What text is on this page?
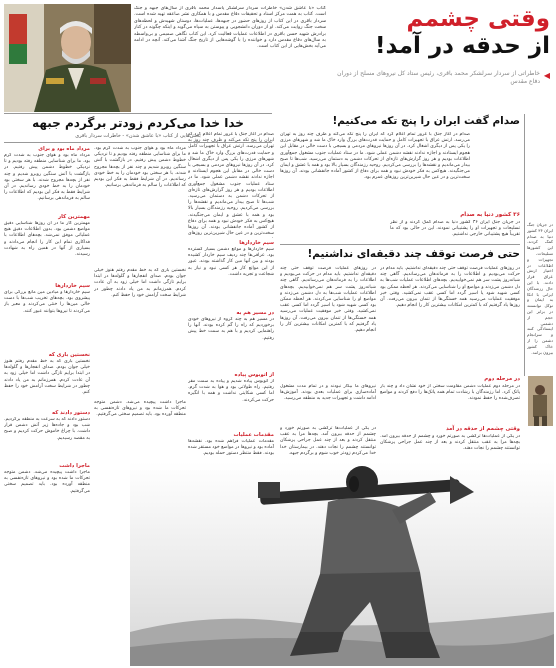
کتاب «با عاشق شدن» خاطرات سردار سرلشکر پاسدار محمد باقری از سال‌های جبهه و جنگ است. کتاب به همت مرکز اسناد و تحقیقات دفاع مقدس و با همکاری نشر صاعقه تهیه شده است. سردار باقری در این کتاب از روزهای حضور در جبهه‌ها، عملیات‌ها، دوستان شهیدش و لحظه‌های سخت جنگ روایت می‌کند. او از دوران دانشجویی و پیوستن به سپاه می‌گوید و اینکه چگونه در کنار برادرش شهید حسن باقری در اطلاعات عملیات فعالیت کرد. این کتاب نگاهی صمیمی و بی‌واسطه به سال‌های دفاع مقدس دارد و خواننده را با گوشه‌هایی از تاریخ جنگ آشنا می‌کند. آنچه در ادامه می‌آید بخش‌هایی از این کتاب است.
وقتی چشمم
از حدقه در آمد!
◀
خاطراتی از سردار سرلشکر محمد باقری، رئیس ستاد کل نیروهای مسلح از دوران دفاع مقدس
خدا خدا می‌کردم زودتر برگردم جبهه
بخش‌هایی از کتاب «با عاشق شدن» - خاطرات سردار باقری
صدام گفت ایران را پنج تکه می‌کنیم!
صدام در آغاز جنگ با غرور تمام اعلام کرد که ایران را پنج تکه می‌کند و ظرف چند روز به تهران می‌رسد. ارتش عراق با تجهیزات کامل و حمایت قدرت‌های بزرگ وارد خاک ما شد و شهرهای مرزی را یکی پس از دیگری اشغال کرد. در آن روزها نیروهای مردمی و بسیجی با دست خالی در مقابل این هجوم ایستادند و اجازه ندادند نقشه دشمن عملی شود. ما در ستاد عملیات جنوب مشغول جمع‌آوری اطلاعات بودیم و هر روز گزارش‌های تازه‌ای از تحرکات دشمن به دستمان می‌رسید. شب‌ها تا صبح بیدار می‌ماندیم و نقشه‌ها را بررسی می‌کردیم. روحیه رزمندگان بسیار بالا بود و همه با عشق و ایمان می‌جنگیدند. هیچ‌کس به فکر خودش نبود و همه برای دفاع از کشور آماده جانفشانی بودند. آن روزها سخت‌ترین و در عین حال شیرین‌ترین روزهای عمرم بود.
صدام در آغاز جنگ با غرور تمام اعلام کرد که ایران را پنج تکه می‌کند و ظرف چند روز به تهران می‌رسد. ارتش عراق با تجهیزات کامل و حمایت قدرت‌های بزرگ وارد خاک ما شد و شهرهای مرزی را یکی پس از دیگری اشغال کرد. در آن روزها نیروهای مردمی و بسیجی با دست خالی در مقابل این هجوم ایستادند و اجازه ندادند نقشه دشمن عملی شود. ما در ستاد عملیات جنوب مشغول جمع‌آوری اطلاعات بودیم و هر روز گزارش‌های تازه‌ای از تحرکات دشمن به دستمان می‌رسید. شب‌ها تا صبح بیدار می‌ماندیم و نقشه‌ها را بررسی می‌کردیم. روحیه رزمندگان بسیار بالا بود و همه با عشق و ایمان می‌جنگیدند. هیچ‌کس به فکر خودش نبود و همه برای دفاع از کشور آماده جانفشانی بودند. آن روزها سخت‌ترین و در عین حال شیرین‌ترین روزهای
۳۶ کشور دنیا به صدام
در جریان جنگ ایران ۳۶ کشور دنیا به صدام کمک کردند و از نظر تسلیحات و تجهیزات او را پشتیبانی نمودند. این در حالی بود که ما تقریباً هیچ پشتیبانی خارجی نداشتیم.
در جریان جنگ ایران ۳۶ کشور دنیا به صدام کمک کردند. این کشورها تسلیحات، تجهیزات و اطلاعات در اختیار ارتش عراق قرار دادند. با این حال رزمندگان ایرانی با اتکا به ایمان و توکل توانستند در برابر این حجم از دشمنی ایستادگی کنند و سرانجام دشمن را از خاک کشور بیرون برانند.
حتی فرصت توقف چند دقیقه‌ای نداشتیم!
در روزهای عملیات فرصت توقف حتی چند دقیقه‌ای نداشتیم. باید مدام در حرکت می‌بودیم و اطلاعات را به فرماندهان می‌رساندیم. گاهی چند شبانه‌روز پشت سر هم نمی‌خوابیدیم. بچه‌های اطلاعات عملیات شب‌ها به دل دشمن می‌زدند و مواضع او را شناسایی می‌کردند. هر لحظه ممکن بود کسی شهید شود یا اسیر گردد اما کسی عقب نمی‌کشید. وقتی خبر موفقیت عملیات می‌رسید همه خستگی‌ها از تنمان بیرون می‌رفت. آن روزها یاد گرفتیم که با کمترین امکانات بیشترین کار را انجام دهیم.
در روزهای عملیات فرصت توقف حتی چند دقیقه‌ای نداشتیم. باید مدام در حرکت می‌بودیم و اطلاعات را به فرماندهان می‌رساندیم. گاهی چند شبانه‌روز پشت سر هم نمی‌خوابیدیم. بچه‌های اطلاعات عملیات شب‌ها به دل دشمن می‌زدند و مواضع او را شناسایی می‌کردند. هر لحظه ممکن بود کسی شهید شود یا اسیر گردد اما کسی عقب نمی‌کشید. وقتی خبر موفقیت عملیات می‌رسید همه خستگی‌ها از تنمان بیرون می‌رفت. آن روزها یاد گرفتیم که با کمترین امکانات بیشترین کار را انجام دهیم.
در مرحله دوم
در مرحله دوم عملیات دشمن مقاومت سختی از خود نشان داد و چند بار پاتک کرد. اما رزمندگان با رشادت تمام همه پاتک‌ها را دفع کردند و مواضع تصرف‌شده را حفظ نمودند.
نیروهای ما بیکار نبودند و در تمام مدت مشغول آماده‌سازی برای عملیات بعدی بودند. آموزش‌ها ادامه داشت و تجهیزات جدید به منطقه می‌رسید.
وقتی چشمم از حدقه در آمد
در یکی از عملیات‌ها ترکشی به صورتم خورد و چشمم از حدقه بیرون آمد. بچه‌ها مرا به عقب منتقل کردند و بعد از چند عمل جراحی پزشکان توانستند چشمم را نجات دهند.
در یکی از عملیات‌ها ترکشی به صورتم خورد و چشمم از حدقه بیرون آمد. بچه‌ها مرا به عقب منتقل کردند و بعد از چند عمل جراحی پزشکان توانستند چشمم را نجات دهند. در بیمارستان خدا خدا می‌کردم زودتر خوب شوم و برگردم جبهه.
مرداد ماه بود و برای
مرداد ماه بود و هوای جنوب به شدت گرم بود. ما برای شناسایی منطقه رفته بودیم و تا نزدیکی خطوط دشمن پیش رفتیم. در بازگشت با آتش سنگین روبرو شدیم و چند نفر از بچه‌ها مجروح شدند. با هر سختی بود خودمان را به خط خودی رساندیم. در آن شرایط فقط به فکر این بودیم که اطلاعات را سالم به فرماندهی برسانیم.
مهمترین کار
مهمترین کار ما در آن روزها شناسایی دقیق مواضع دشمن بود. بدون اطلاعات دقیق هیچ عملیاتی موفق نمی‌شد. بچه‌های اطلاعات با فداکاری تمام این کار را انجام می‌دادند و بسیاری از آنها در همین راه به شهادت رسیدند.
سیم خاردارها
سیم خاردارها و میادین مین مانع بزرگی برای پیشروی بود. بچه‌های تخریب شب‌ها با دست خالی مین‌ها را خنثی می‌کردند و معبر باز می‌کردند تا نیروها بتوانند عبور کنند.
نخستین باری که
نخستین باری که به خط مقدم رفتم هنوز خیلی جوان بودم. صدای انفجارها و گلوله‌ها در ابتدا برایم تازگی داشت اما خیلی زود به آن عادت کردم. همرزمانم به من یاد دادند چطور در شرایط سخت آرامش خود را حفظ کنم.
دستور دادند که
دستور دادند که به سرعت به منطقه برگردیم. شب بود و جاده‌ها زیر آتش دشمن قرار داشت. با چراغ خاموش حرکت کردیم و صبح به مقصد رسیدیم.
ماجرا داشت
ماجرا داشت پیچیده می‌شد. دشمن متوجه تحرکات ما شده بود و نیروهای تازه‌نفسی به منطقه آورده بود. باید تصمیم سختی می‌گرفتیم.
مرداد ماه بود و هوای جنوب به شدت گرم بود. ما برای شناسایی منطقه رفته بودیم و تا نزدیکی خطوط دشمن پیش رفتیم. در بازگشت با آتش سنگین روبرو شدیم و چند نفر از بچه‌ها مجروح شدند. با هر سختی بود خودمان را به خط خودی رساندیم. در آن شرایط فقط به فکر این بودیم که اطلاعات را سالم به فرماندهی برسانیم.
نخستین باری که به خط مقدم رفتم هنوز خیلی جوان بودم. صدای انفجارها و گلوله‌ها در ابتدا برایم تازگی داشت اما خیلی زود به آن عادت کردم. همرزمانم به من یاد دادند چطور در شرایط سخت آرامش خود را حفظ کنم.
ماجرا داشت پیچیده می‌شد. دشمن متوجه تحرکات ما شده بود و نیروهای تازه‌نفسی به منطقه آورده بود. باید تصمیم سختی می‌گرفتیم.
سیم خاردارها
سیم خاردارها و موانع دشمن بسیار گسترده بود. عراقی‌ها چند ردیف سیم خاردار کشیده بودند و بین آنها مین کار گذاشته بودند. عبور از این موانع کار هر کسی نبود و نیاز به شجاعت و تجربه داشت.
در مسیر هم به
در مسیر هم به چند گروه از نیروهای خودی برخوردیم که راه را گم کرده بودند. آنها را راهنمایی کردیم و با هم به سمت خط پیش رفتیم.
از اتوبوس پیاده
از اتوبوس پیاده شدیم و پیاده به سمت مقر رفتیم. راه طولانی بود و هوا به شدت گرم. اما کسی شکایتی نداشت و همه با انگیزه حرکت می‌کردند.
مقدمات عملیات
مقدمات عملیات فراهم شده بود. نقشه‌ها آماده بود و نیروها در مواضع خود مستقر شده بودند. فقط منتظر دستور حمله بودیم.
